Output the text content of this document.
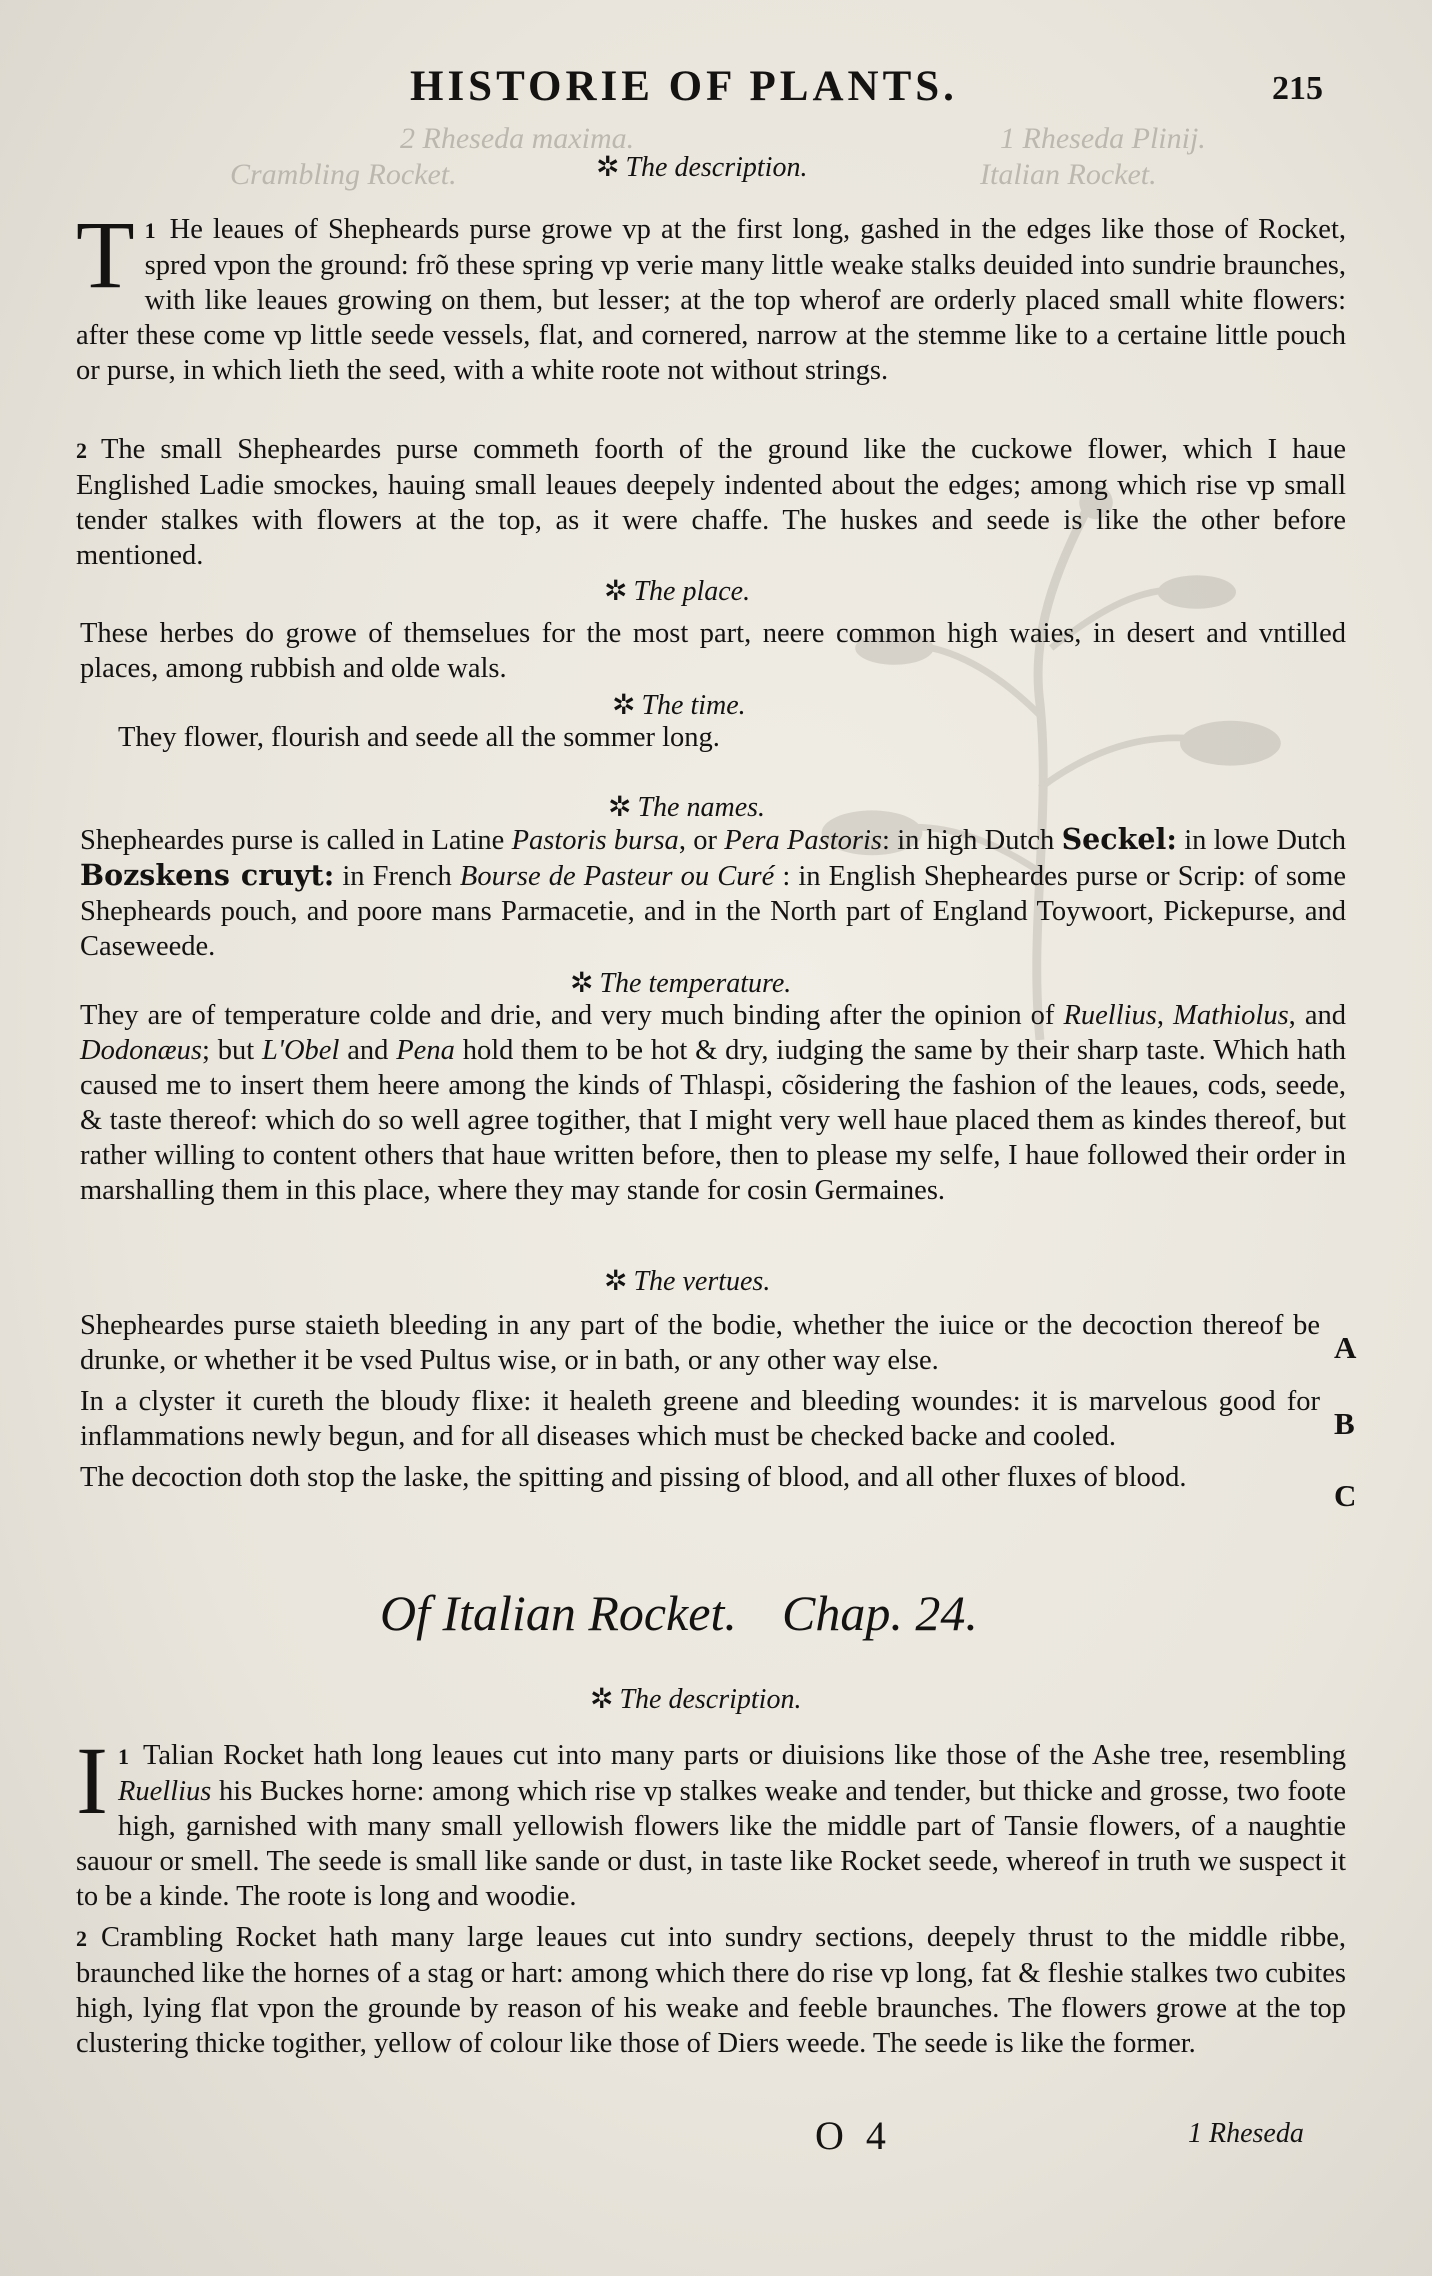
1 Rheseda Plinij.
Italian Rocket.
2 Rheseda maxima.
Crambling Rocket.
HISTORIE OF PLANTS.	215
✲ The description.
1
T He leaues of Shepheards purse growe vp at the first long, gashed in the edges like those of Rocket, spred vpon the ground: frõ these spring vp verie many little weake stalks deuided into sundrie braunches, with like leaues growing on them, but lesser; at the top wherof are orderly placed small white flowers: after these come vp little seede vessels, flat, and cornered, narrow at the stemme like to a certaine little pouch or purse, in which lieth the seed, with a white roote not without strings.
2 The small Shepheardes purse commeth foorth of the ground like the cuckowe flower, which I haue Englished Ladie smockes, hauing small leaues deepely indented about the edges; among which rise vp small tender stalkes with flowers at the top, as it were chaffe. The huskes and seede is like the other before mentioned.
✲ The place.
These herbes do growe of themselues for the most part, neere common high waies, in desert and vntilled places, among rubbish and olde wals.
✲ The time.
They flower, flourish and seede all the sommer long.
✲ The names.
Shepheardes purse is called in Latine Pastoris bursa, or Pera Pastoris: in high Dutch Seckel: in lowe Dutch Bozskens cruyt: in French Bourse de Pasteur ou Curé : in English Shepheardes purse or Scrip: of some Shepheards pouch, and poore mans Parmacetie, and in the North part of England Toywoort, Pickepurse, and Caseweede.
✲ The temperature.
They are of temperature colde and drie, and very much binding after the opinion of Ruellius, Mathiolus, and Dodonæus; but L'Obel and Pena hold them to be hot & dry, iudging the same by their sharp taste. Which hath caused me to insert them heere among the kinds of Thlaspi, cõsidering the fashion of the leaues, cods, seede, & taste thereof: which do so well agree togither, that I might very well haue placed them as kindes thereof, but rather willing to content others that haue written before, then to please my selfe, I haue followed their order in marshalling them in this place, where they may stande for cosin Germaines.
✲ The vertues.
Shepheardes purse staieth bleeding in any part of the bodie, whether the iuice or the decoction thereof be drunke, or whether it be vsed Pultus wise, or in bath, or any other way else.
In a clyster it cureth the bloudy flixe: it healeth greene and bleeding woundes: it is marvelous good for inflammations newly begun, and for all diseases which must be checked backe and cooled.
The decoction doth stop the laske, the spitting and pissing of blood, and all other fluxes of blood.
A
B
C
Of Italian Rocket. Chap. 24.
✲ The description.
1
I Talian Rocket hath long leaues cut into many parts or diuisions like those of the Ashe tree, resembling Ruellius his Buckes horne: among which rise vp stalkes weake and tender, but thicke and grosse, two foote high, garnished with many small yellowish flowers like the middle part of Tansie flowers, of a naughtie sauour or smell. The seede is small like sande or dust, in taste like Rocket seede, whereof in truth we suspect it to be a kinde. The roote is long and woodie.
2 Crambling Rocket hath many large leaues cut into sundry sections, deepely thrust to the middle ribbe, braunched like the hornes of a stag or hart: among which there do rise vp long, fat & fleshie stalkes two cubites high, lying flat vpon the grounde by reason of his weake and feeble braunches. The flowers growe at the top clustering thicke togither, yellow of colour like those of Diers weede. The seede is like the former.
O 4	1 Rheseda
